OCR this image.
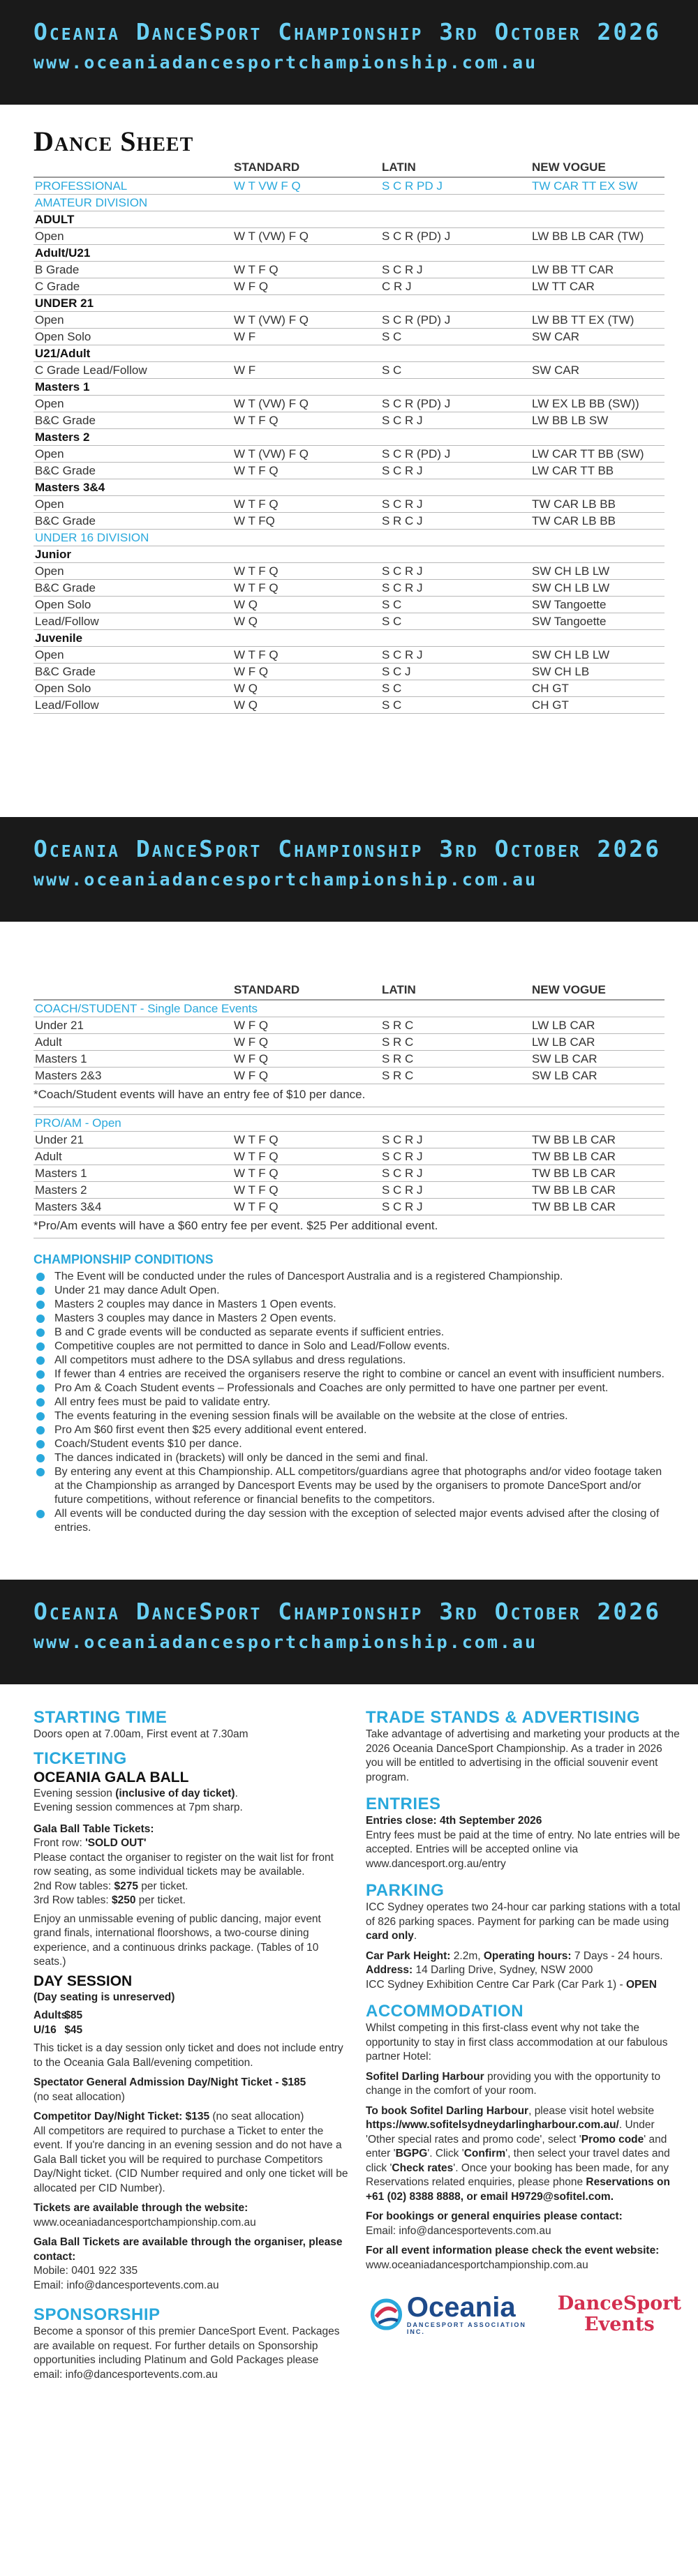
Oceania DanceSport Championship 3rd October 2026
www.oceaniadancesportchampionship.com.au
Dance Sheet
STANDARD	LATIN	NEW VOGUE
PROFESSIONAL	W T VW F Q	S C R PD J	TW CAR TT EX SW
AMATEUR DIVISION
ADULT
Open	W T (VW) F Q	S C R (PD) J	LW BB LB CAR (TW)
Adult/U21
B Grade	W T F Q	S C R J	LW BB TT CAR
C Grade	W F Q	C R J	LW TT CAR
UNDER 21
Open	W T (VW) F Q	S C R (PD) J	LW BB TT EX (TW)
Open Solo	W F	S C	SW CAR
U21/Adult
C Grade Lead/Follow	W F	S C	SW CAR
Masters 1
Open	W T (VW) F Q	S C R (PD) J	LW EX LB BB (SW))
B&C Grade	W T F Q	S C R J	LW BB LB SW
Masters 2
Open	W T (VW) F Q	S C R (PD) J	LW CAR TT BB (SW)
B&C Grade	W T F Q	S C R J	LW CAR TT BB
Masters 3&4
Open	W T F Q	S C R J	TW CAR LB BB
B&C Grade	W T FQ	S R C J	TW CAR LB BB
UNDER 16 DIVISION
Junior
Open	W T F Q	S C R J	SW CH LB LW
B&C Grade	W T F Q	S C R J	SW CH LB LW
Open Solo	W Q	S C	SW Tangoette
Lead/Follow	W Q	S C	SW Tangoette
Juvenile
Open	W T F Q	S C R J	SW CH LB LW
B&C Grade	W F Q	S C J	SW CH LB
Open Solo	W Q	S C	CH GT
Lead/Follow	W Q	S C	CH GT
Oceania DanceSport Championship 3rd October 2026
www.oceaniadancesportchampionship.com.au
STANDARD	LATIN	NEW VOGUE
COACH/STUDENT - Single Dance Events
Under 21	W F Q	S R C	LW LB CAR
Adult	W F Q	S R C	LW LB CAR
Masters 1	W F Q	S R C	SW LB CAR
Masters 2&3	W F Q	S R C	SW LB CAR
*Coach/Student events will have an entry fee of $10 per dance.
PRO/AM - Open
Under 21	W T F Q	S C R J	TW BB LB CAR
Adult	W T F Q	S C R J	TW BB LB CAR
Masters 1	W T F Q	S C R J	TW BB LB CAR
Masters 2	W T F Q	S C R J	TW BB LB CAR
Masters 3&4	W T F Q	S C R J	TW BB LB CAR
*Pro/Am events will have a $60 entry fee per event. $25 Per additional event.
CHAMPIONSHIP CONDITIONS
The Event will be conducted under the rules of Dancesport Australia and is a registered Championship.
Under 21 may dance Adult Open.
Masters 2 couples may dance in Masters 1 Open events.
Masters 3 couples may dance in Masters 2 Open events.
B and C grade events will be conducted as separate events if sufficient entries.
Competitive couples are not permitted to dance in Solo and Lead/Follow events.
All competitors must adhere to the DSA syllabus and dress regulations.
If fewer than 4 entries are received the organisers reserve the right to combine or cancel an event with insufficient numbers.
Pro Am & Coach Student events – Professionals and Coaches are only permitted to have one partner per event.
All entry fees must be paid to validate entry.
The events featuring in the evening session finals will be available on the website at the close of entries.
Pro Am $60 first event then $25 every additional event entered.
Coach/Student events $10 per dance.
The dances indicated in (brackets) will only be danced in the semi and final.
By entering any event at this Championship. ALL competitors/guardians agree that photographs and/or video footage taken at the Championship as arranged by Dancesport Events may be used by the organisers to promote DanceSport and/or future competitions, without reference or financial benefits to the competitors.
All events will be conducted during the day session with the exception of selected major events advised after the closing of entries.
Oceania DanceSport Championship 3rd October 2026
www.oceaniadancesportchampionship.com.au
STARTING TIME
Doors open at 7.00am, First event at 7.30am
TICKETING
OCEANIA GALA BALL
Evening session (inclusive of day ticket).
Evening session commences at 7pm sharp.
Gala Ball Table Tickets:
Front row: 'SOLD OUT'
Please contact the organiser to register on the wait list for front row seating, as some individual tickets may be available.
2nd Row tables: $275 per ticket.
3rd Row tables: $250 per ticket.
Enjoy an unmissable evening of public dancing, major event grand finals, international floorshows, a two-course dining experience, and a continuous drinks package. (Tables of 10 seats.)
DAY SESSION
(Day seating is unreserved)
Adults $85
U/16 $45
This ticket is a day session only ticket and does not include entry to the Oceania Gala Ball/evening competition.
Spectator General Admission Day/Night Ticket - $185
(no seat allocation)
Competitor Day/Night Ticket: $135 (no seat allocation)
All competitors are required to purchase a Ticket to enter the event. If you're dancing in an evening session and do not have a Gala Ball ticket you will be required to purchase Competitors Day/Night ticket. (CID Number required and only one ticket will be allocated per CID Number).
Tickets are available through the website:
www.oceaniadancesportchampionship.com.au
Gala Ball Tickets are available through the organiser, please contact:
Mobile: 0401 922 335
Email: info@dancesportevents.com.au
SPONSORSHIP
Become a sponsor of this premier DanceSport Event. Packages are available on request. For further details on Sponsorship opportunities including Platinum and Gold Packages please email: info@dancesportevents.com.au
TRADE STANDS & ADVERTISING
Take advantage of advertising and marketing your products at the 2026 Oceania DanceSport Championship. As a trader in 2026 you will be entitled to advertising in the official souvenir event program.
ENTRIES
Entries close: 4th September 2026
Entry fees must be paid at the time of entry. No late entries will be accepted. Entries will be accepted online via www.dancesport.org.au/entry
PARKING
ICC Sydney operates two 24-hour car parking stations with a total of 826 parking spaces. Payment for parking can be made using card only.
Car Park Height: 2.2m, Operating hours: 7 Days - 24 hours.
Address: 14 Darling Drive, Sydney, NSW 2000
ICC Sydney Exhibition Centre Car Park (Car Park 1) - OPEN
ACCOMMODATION
Whilst competing in this first-class event why not take the opportunity to stay in first class accommodation at our fabulous partner Hotel:
Sofitel Darling Harbour providing you with the opportunity to change in the comfort of your room.
To book Sofitel Darling Harbour, please visit hotel website https://www.sofitelsydneydarlingharbour.com.au/. Under 'Other special rates and promo code', select 'Promo code' and enter 'BGPG'. Click 'Confirm', then select your travel dates and click 'Check rates'. Once your booking has been made, for any Reservations related enquiries, please phone Reservations on +61 (02) 8388 8888, or email H9729@sofitel.com.
For bookings or general enquiries please contact:
Email: info@dancesportevents.com.au
For all event information please check the event website:
www.oceaniadancesportchampionship.com.au
Oceania
DANCESPORT ASSOCIATION INC.
DanceSport
Events
